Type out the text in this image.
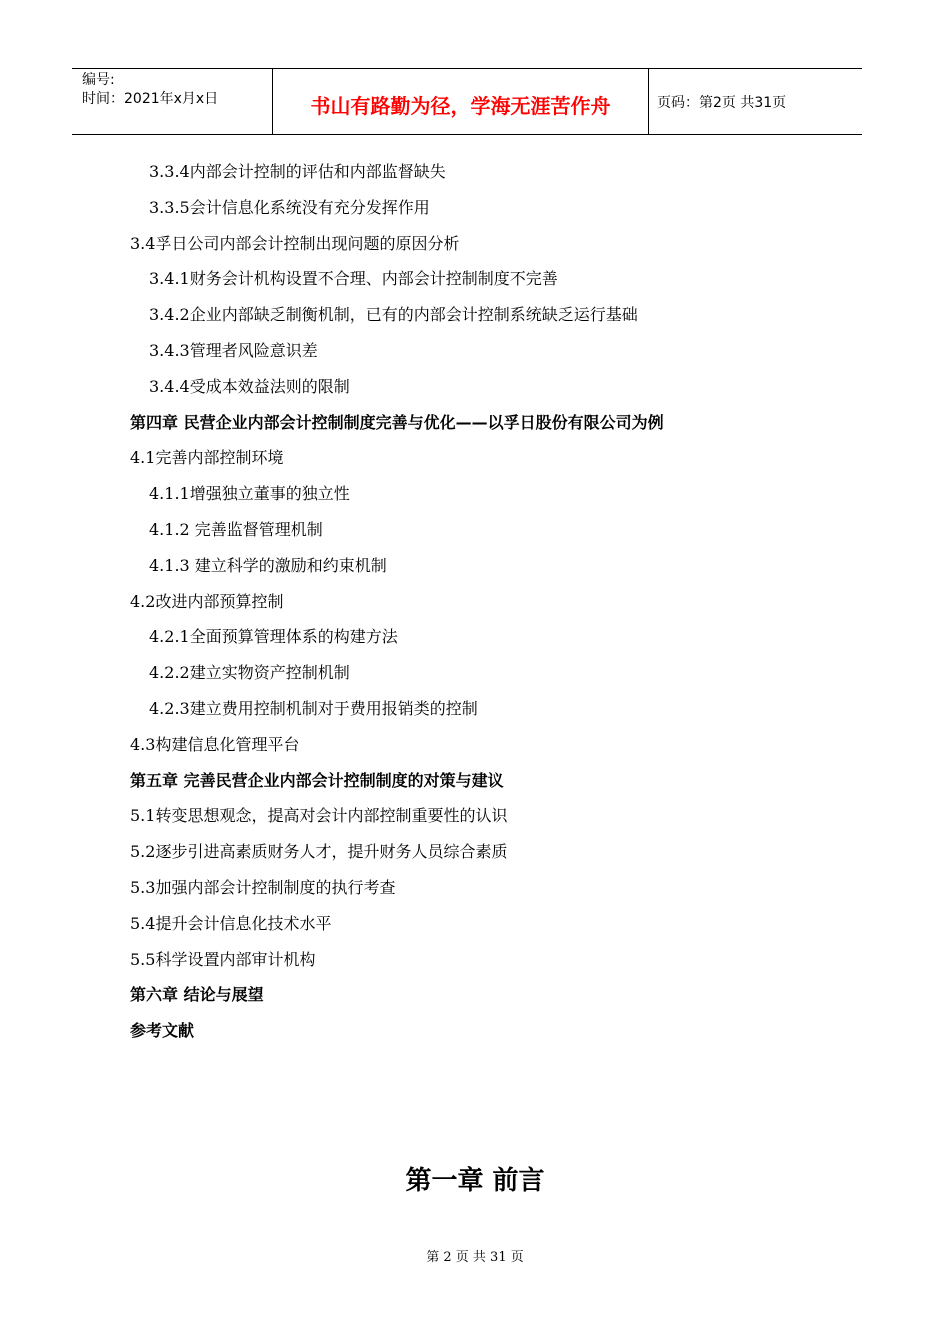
编号:
时间：2021年x月x日	书山有路勤为径，学海无涯苦作舟	页码：第2页 共31页
3.3.4内部会计控制的评估和内部监督缺失
3.3.5会计信息化系统没有充分发挥作用
3.4孚日公司内部会计控制出现问题的原因分析
3.4.1财务会计机构设置不合理、内部会计控制制度不完善
3.4.2企业内部缺乏制衡机制，已有的内部会计控制系统缺乏运行基础
3.4.3管理者风险意识差
3.4.4受成本效益法则的限制
第四章 民营企业内部会计控制制度完善与优化——以孚日股份有限公司为例
4.1完善内部控制环境
4.1.1增强独立董事的独立性
4.1.2 完善监督管理机制
4.1.3 建立科学的激励和约束机制
4.2改进内部预算控制
4.2.1全面预算管理体系的构建方法
4.2.2建立实物资产控制机制
4.2.3建立费用控制机制对于费用报销类的控制
4.3构建信息化管理平台
第五章 完善民营企业内部会计控制制度的对策与建议
5.1转变思想观念，提高对会计内部控制重要性的认识
5.2逐步引进高素质财务人才，提升财务人员综合素质
5.3加强内部会计控制制度的执行考查
5.4提升会计信息化技术水平
5.5科学设置内部审计机构
第六章 结论与展望
参考文献
第一章 前言
第 2 页 共 31 页
